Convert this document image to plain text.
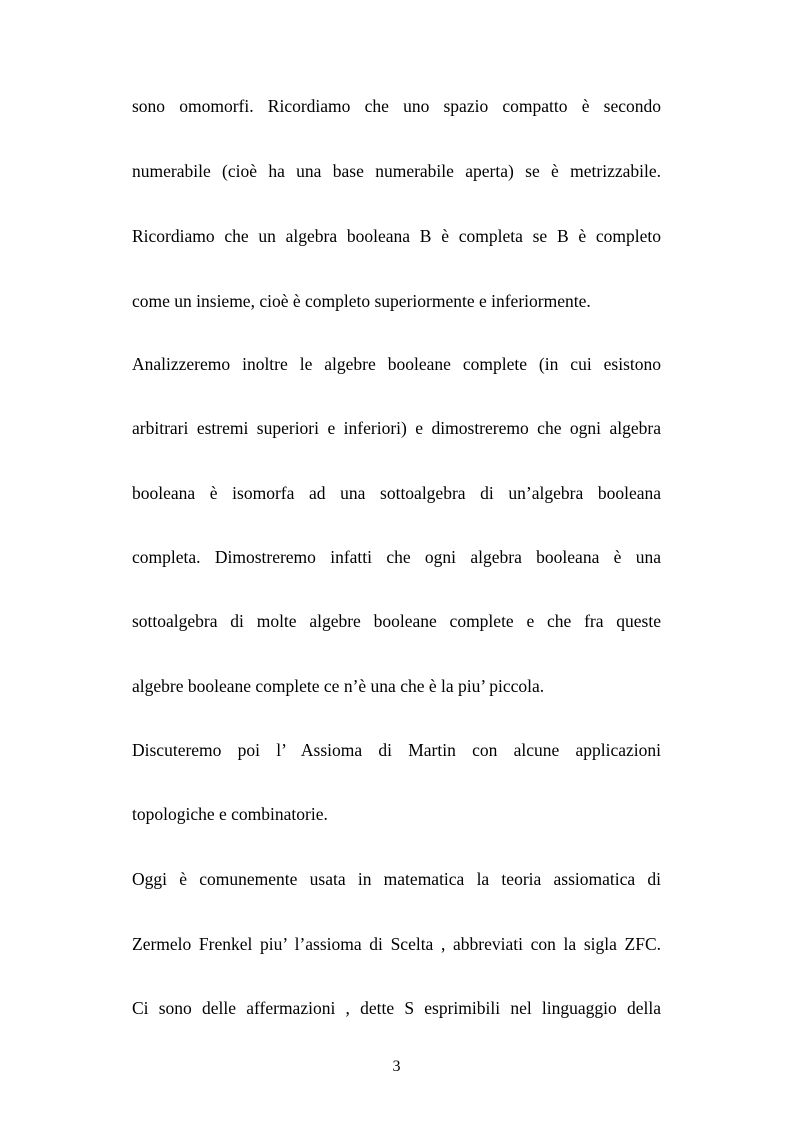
sono omomorfi. Ricordiamo che uno spazio compatto è secondo
numerabile (cioè ha una base numerabile aperta) se è metrizzabile.
Ricordiamo che un algebra booleana B è completa se B è completo
come un insieme, cioè è completo superiormente e inferiormente.
Analizzeremo inoltre le algebre booleane complete (in cui esistono
arbitrari estremi superiori e inferiori) e dimostreremo che ogni algebra
booleana è isomorfa ad una sottoalgebra di un’algebra booleana
completa. Dimostreremo infatti che ogni algebra booleana è una
sottoalgebra di molte algebre booleane complete e che fra queste
algebre booleane complete ce n’è una che è la piu’ piccola.
Discuteremo poi l’ Assioma di Martin con alcune applicazioni
topologiche e combinatorie.
Oggi è comunemente usata in matematica la teoria assiomatica di
Zermelo Frenkel piu’ l’assioma di Scelta , abbreviati con la sigla ZFC.
Ci sono delle affermazioni , dette S esprimibili nel linguaggio della
3
